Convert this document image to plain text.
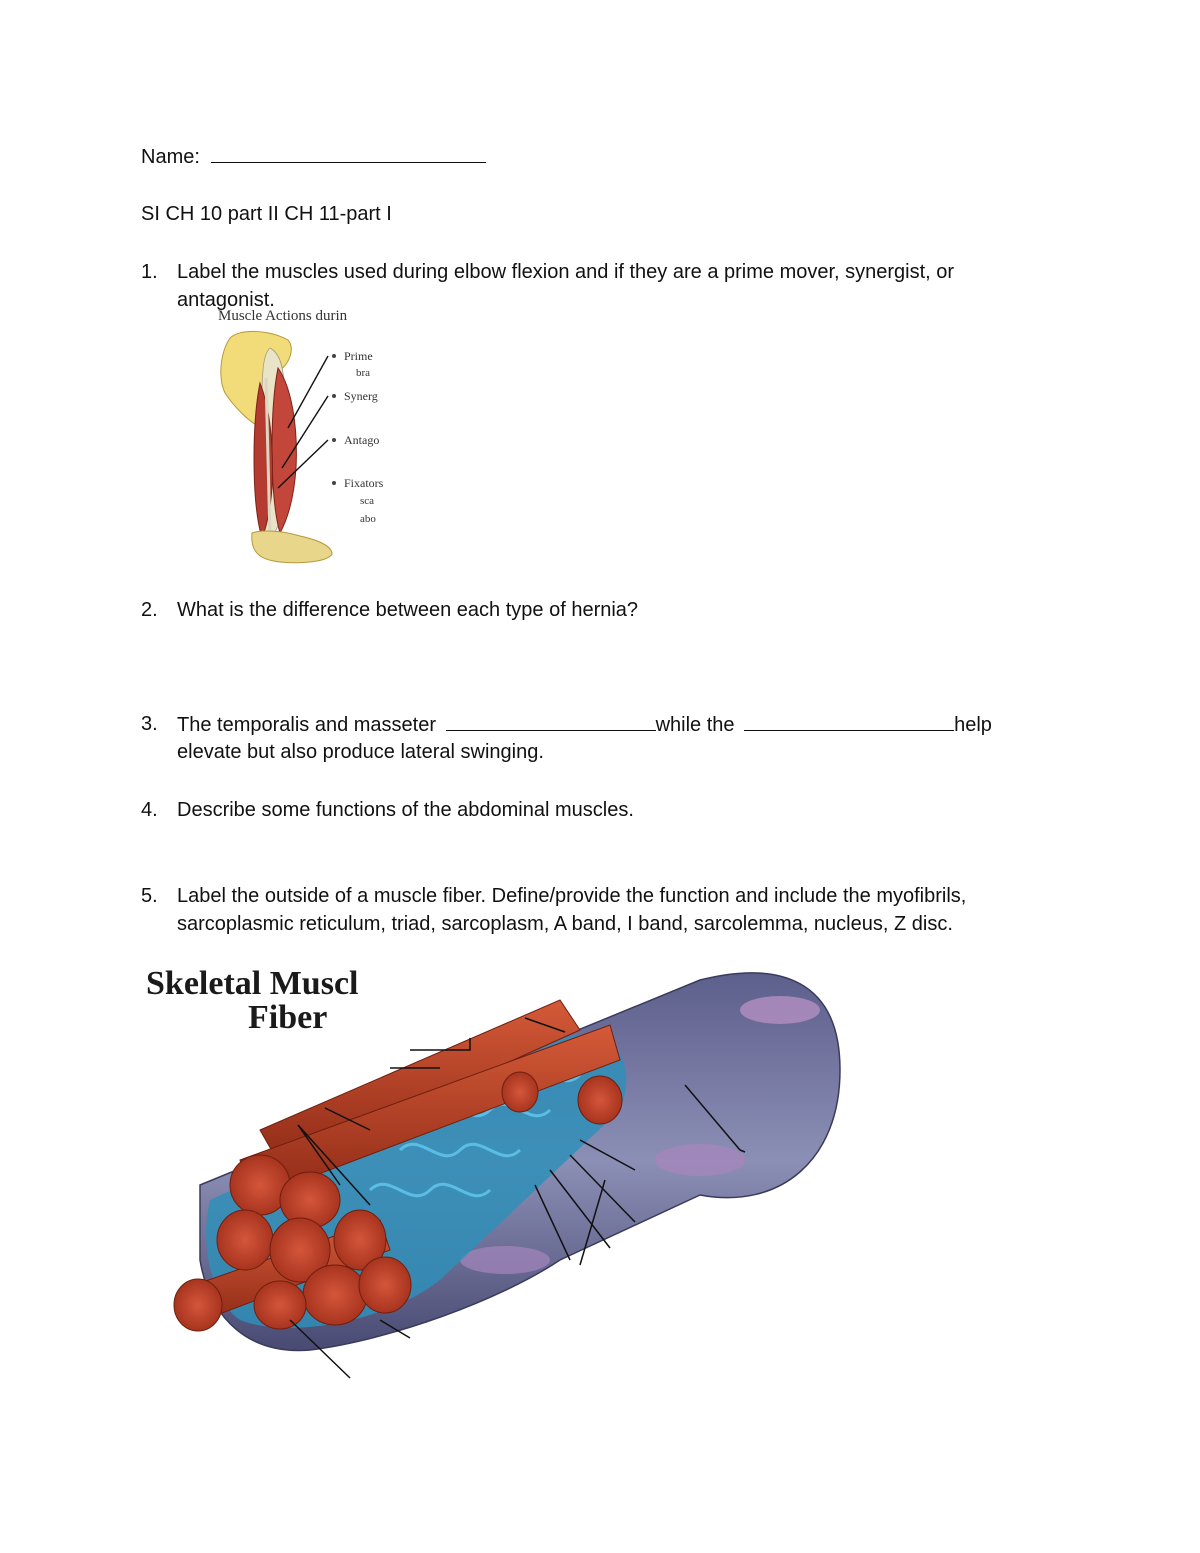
Name:
SI CH 10 part II CH 11-part I
1. Label the muscles used during elbow flexion and if they are a prime mover, synergist, or
antagonist.
Muscle Actions durin
Prime
bra
Synerg
Antago
Fixators
sca
abo
2. What is the difference between each type of hernia?
3. The temporalis and masseter	while the	help
elevate but also produce lateral swinging.
4. Describe some functions of the abdominal muscles.
5. Label the outside of a muscle fiber. Define/provide the function and include the myofibrils,
sarcoplasmic reticulum, triad, sarcoplasm, A band, I band, sarcolemma, nucleus, Z disc.
Skeletal Muscl
Fiber
